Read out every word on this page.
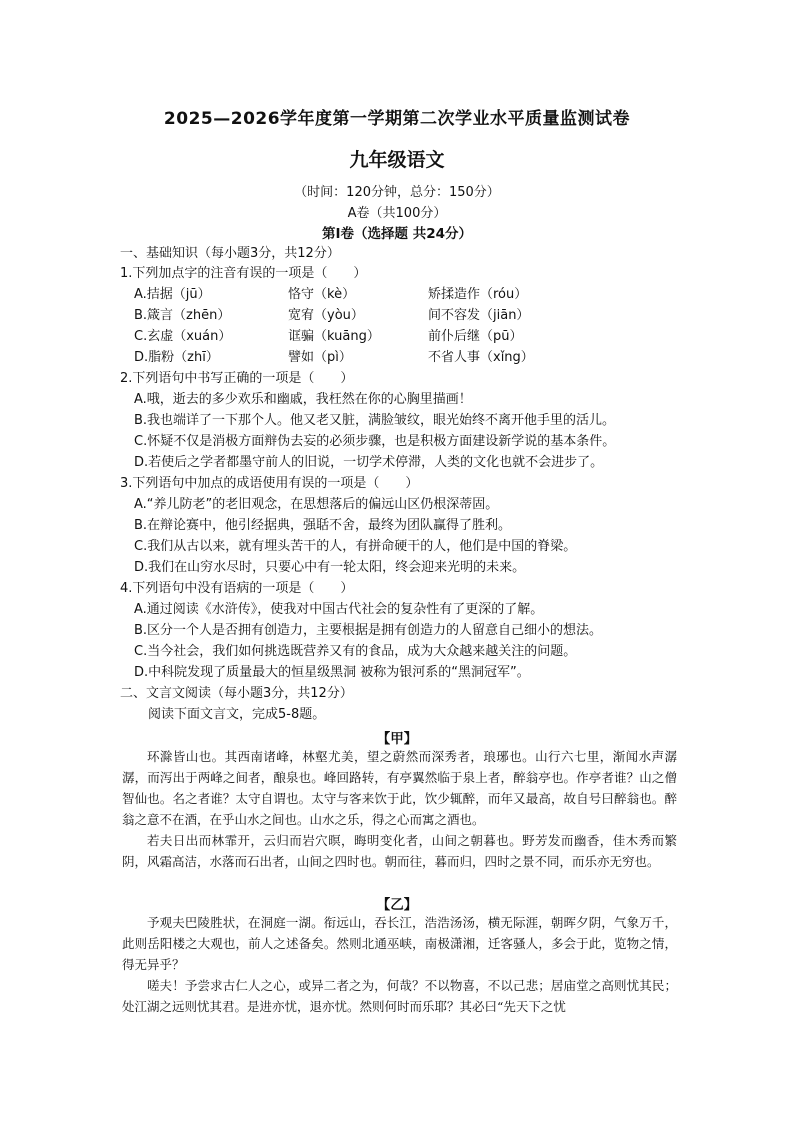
2025—2026学年度第一学期第二次学业水平质量监测试卷
九年级语文
（时间：120分钟，总分：150分）
A卷（共100分）
第Ⅰ卷（选择题 共24分）
一、基础知识（每小题3分，共12分）
1.下列加点字的注音有误的一项是（　　）
A.拮据（jū）	恪守（kè）	矫揉造作（róu）
B.箴言（zhēn）	宽宥（yòu）	间不容发（jiān）
C.玄虚（xuán）	诓骗（kuāng）	前仆后继（pū）
D.脂粉（zhī）	譬如（pì）	不省人事（xǐng）
2.下列语句中书写正确的一项是（　　）
A.哦，逝去的多少欢乐和幽戚，我枉然在你的心胸里描画！
B.我也端详了一下那个人。他又老又脏，满脸皱纹，眼光始终不离开他手里的活儿。
C.怀疑不仅是消极方面辩伪去妄的必须步骤，也是积极方面建设新学说的基本条件。
D.若使后之学者都墨守前人的旧说，一切学术停滞，人类的文化也就不会进步了。
3.下列语句中加点的成语使用有误的一项是（　　）
A.“养儿防老”的老旧观念，在思想落后的偏远山区仍根深蒂固。
B.在辩论赛中，他引经据典，强聒不舍，最终为团队赢得了胜利。
C.我们从古以来，就有埋头苦干的人，有拼命硬干的人，他们是中国的脊梁。
D.我们在山穷水尽时，只要心中有一轮太阳，终会迎来光明的未来。
4.下列语句中没有语病的一项是（　　）
A.通过阅读《水浒传》，使我对中国古代社会的复杂性有了更深的了解。
B.区分一个人是否拥有创造力，主要根据是拥有创造力的人留意自己细小的想法。
C.当今社会，我们如何挑选既营养又有的食品，成为大众越来越关注的问题。
D.中科院发现了质量最大的恒星级黑洞 被称为银河系的“黑洞冠军”。
二、文言文阅读（每小题3分，共12分）
阅读下面文言文，完成5-8题。
【甲】

环滁皆山也。其西南诸峰，林壑尤美，望之蔚然而深秀者，琅琊也。山行六七里，渐闻水声潺潺，而泻出于两峰之间者，酿泉也。峰回路转，有亭翼然临于泉上者，醉翁亭也。作亭者谁？山之僧智仙也。名之者谁？太守自谓也。太守与客来饮于此，饮少辄醉，而年又最高，故自号曰醉翁也。醉翁之意不在酒，在乎山水之间也。山水之乐，得之心而寓之酒也。

若夫日出而林霏开，云归而岩穴暝，晦明变化者，山间之朝暮也。野芳发而幽香，佳木秀而繁阴，风霜高洁，水落而石出者，山间之四时也。朝而往，暮而归，四时之景不同，而乐亦无穷也。

【乙】

予观夫巴陵胜状，在洞庭一湖。衔远山，吞长江，浩浩汤汤，横无际涯，朝晖夕阴，气象万千，此则岳阳楼之大观也，前人之述备矣。然则北通巫峡，南极潇湘，迁客骚人，多会于此，览物之情，得无异乎？

嗟夫！予尝求古仁人之心，或异二者之为，何哉？不以物喜，不以己悲；居庙堂之高则忧其民；处江湖之远则忧其君。是进亦忧，退亦忧。然则何时而乐耶？其必曰“先天下之忧
